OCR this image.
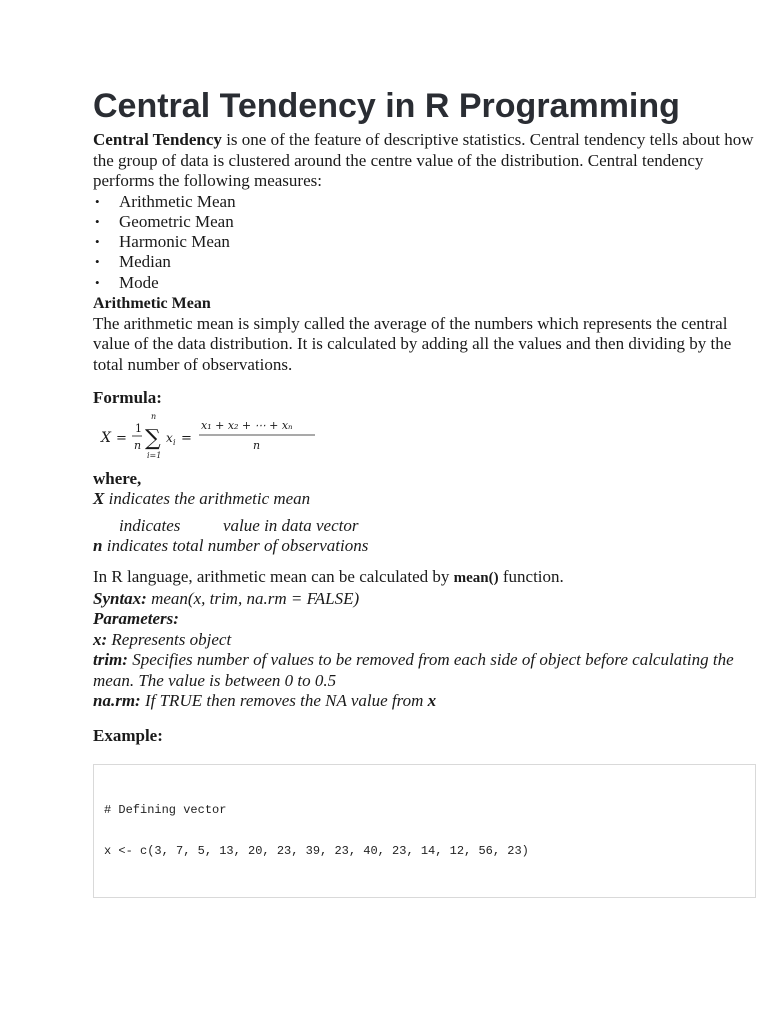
Central Tendency in R Programming

Central Tendency is one of the feature of descriptive statistics. Central tendency tells about how the group of data is clustered around the centre value of the distribution. Central tendency performs the following measures:

• Arithmetic Mean
• Geometric Mean
• Harmonic Mean
• Median
• Mode

Arithmetic Mean

The arithmetic mean is simply called the average of the numbers which represents the central value of the data distribution. It is calculated by adding all the values and then dividing by the total number of observations.

Formula:

X =
1
n
n
∑
i=1
x i =
x₁ + x₂ + ⋯ + xₙ
n

where,

X indicates the arithmetic mean

indicates	value in data vector

n indicates total number of observations

In R language, arithmetic mean can be calculated by mean() function.

Syntax: mean(x, trim, na.rm = FALSE)

Parameters:

x: Represents object

trim: Specifies number of values to be removed from each side of object before calculating the mean. The value is between 0 to 0.5

na.rm: If TRUE then removes the NA value from x

Example:

# Defining vector
x <- c(3, 7, 5, 13, 20, 23, 39, 23, 40, 23, 14, 12, 56, 23)
